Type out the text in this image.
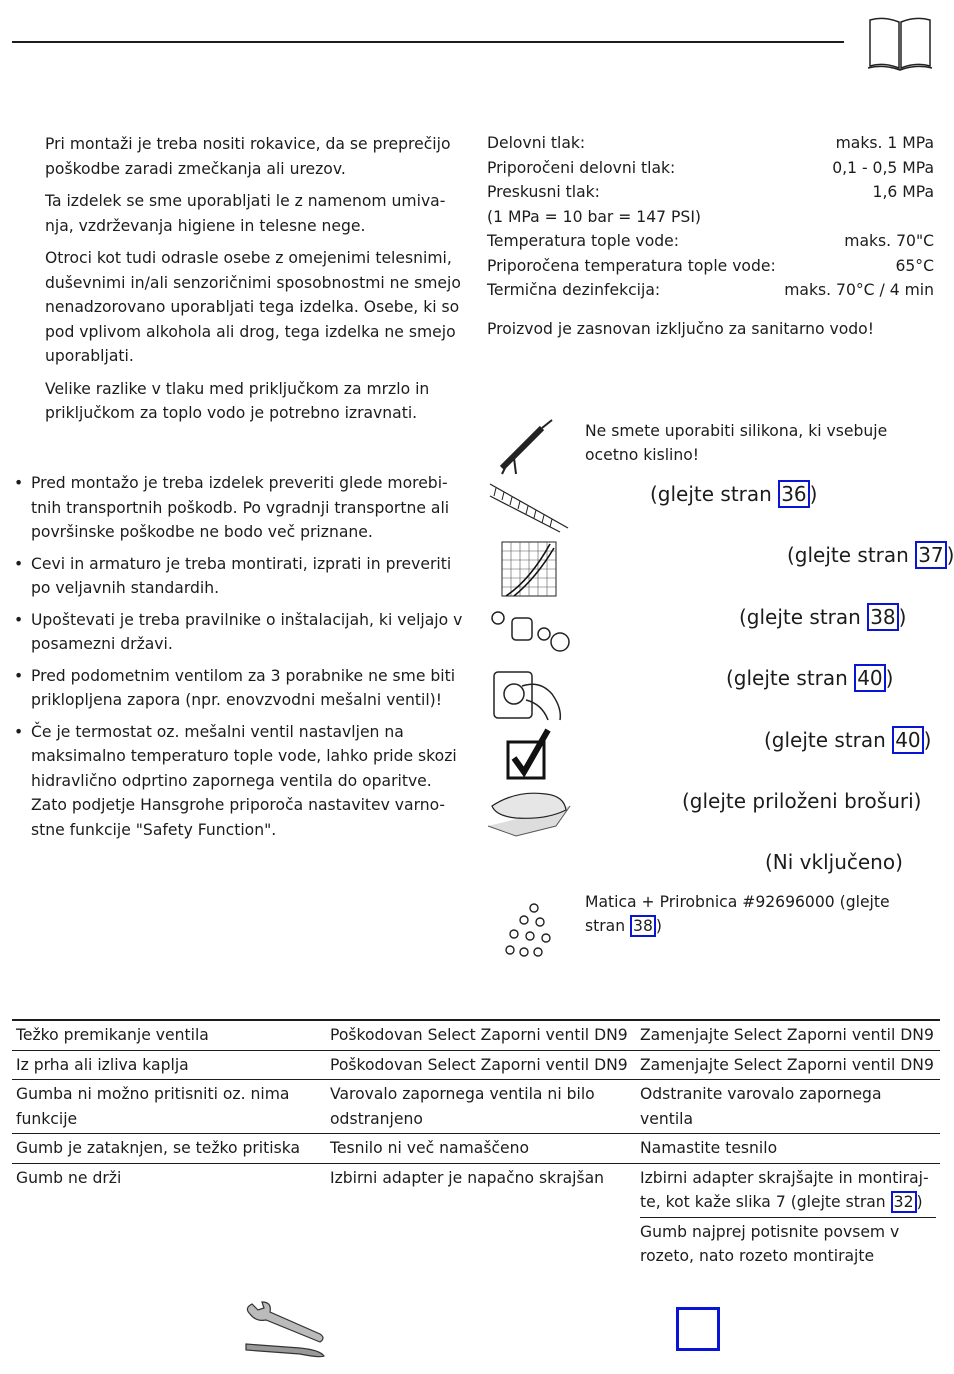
Pri montaži je treba nositi rokavice, da se preprečijo poškodbe zaradi zmečkanja ali urezov.

Ta izdelek se sme uporabljati le z namenom umiva-nja, vzdrževanja higiene in telesne nege.

Otroci kot tudi odrasle osebe z omejenimi telesnimi, duševnimi in/ali senzoričnimi sposobnostmi ne smejo nenadzorovano uporabljati tega izdelka. Osebe, ki so pod vplivom alkohola ali drog, tega izdelka ne smejo uporabljati.

Velike razlike v tlaku med priključkom za mrzlo in priključkom za toplo vodo je potrebno izravnati.

• Pred montažo je treba izdelek preveriti glede morebi-tnih transportnih poškodb. Po vgradnji transportne ali površinske poškodbe ne bodo več priznane.
• Cevi in armaturo je treba montirati, izprati in preveriti po veljavnih standardih.
• Upoštevati je treba pravilnike o inštalacijah, ki veljajo v posamezni državi.
• Pred podometnim ventilom za 3 porabnike ne sme biti priklopljena zapora (npr. enovzvodni mešalni ventil)!
• Če je termostat oz. mešalni ventil nastavljen na maksimalno temperaturo tople vode, lahko pride skozi hidravlično odprtino zapornega ventila do oparitve. Zato podjetje Hansgrohe priporoča nastavitev varno-stne funkcije "Safety Function".
Delovni tlak:	maks. 1 MPa
Priporočeni delovni tlak:	0,1 - 0,5 MPa
Preskusni tlak:	1,6 MPa
(1 MPa = 10 bar = 147 PSI)
Temperatura tople vode:	maks. 70"C
Priporočena temperatura tople vode:	65°C
Termična dezinfekcija:	maks. 70°C / 4 min
Proizvod je zasnovan izključno za sanitarno vodo!
Ne smete uporabiti silikona, ki vsebuje ocetno kislino!
(glejte stran 36 )
(glejte stran 37 )
(glejte stran 38 )
(glejte stran 40 )
(glejte stran 40 )
(glejte priloženi brošuri)
(Ni vključeno)
Matica + Prirobnica #92696000 (glejte stran 38 )
Težko premikanje ventila	Poškodovan Select Zaporni ventil DN9	Zamenjajte Select Zaporni ventil DN9
Iz prha ali izliva kaplja	Poškodovan Select Zaporni ventil DN9	Zamenjajte Select Zaporni ventil DN9
Gumba ni možno pritisniti oz. nima funkcije	Varovalo zapornega ventila ni bilo odstranjeno	Odstranite varovalo zapornega ventila
Gumb je zataknjen, se težko pritiska	Tesnilo ni več namaščeno	Namastite tesnilo
Gumb ne drži	Izbirni adapter je napačno skrajšan	Izbirni adapter skrajšajte in montiraj-te, kot kaže slika 7 (glejte stran 32 )
Gumb najprej potisnite povsem v rozeto, nato rozeto montirajte
